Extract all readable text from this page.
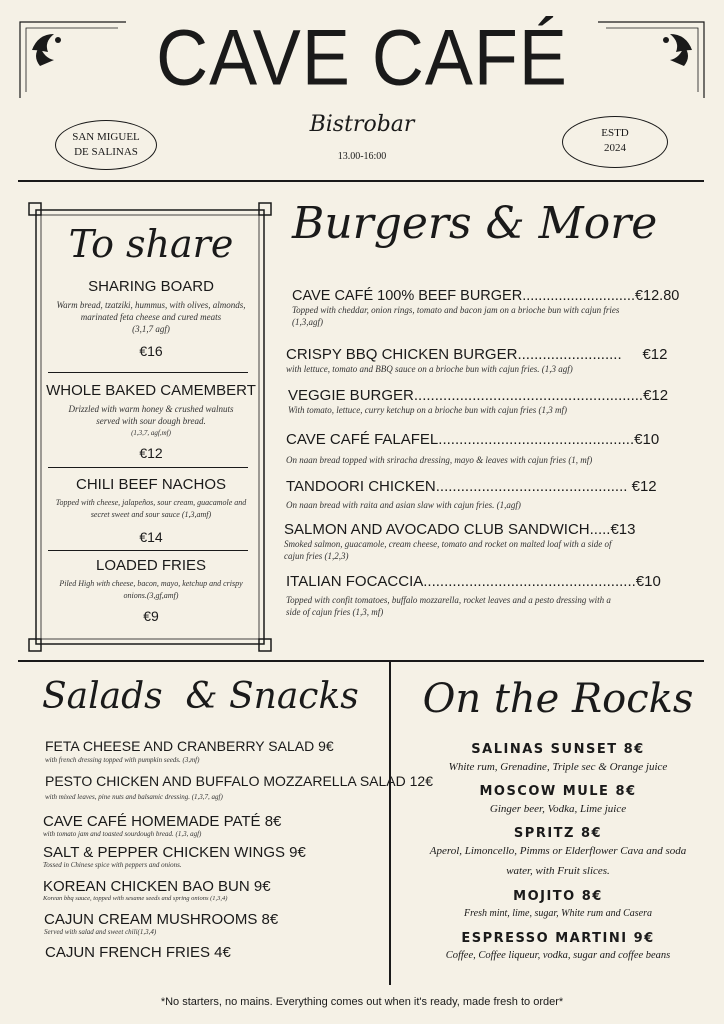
CAVE CAFÉ
Bistrobar
13.00-16:00
SAN MIGUEL
DE SALINAS
ESTD
2024
To share
SHARING BOARD
Warm bread, tzatziki, hummus, with olives, almonds, marinated feta cheese and cured meats
(3,1,7 agf)
€16
WHOLE BAKED CAMEMBERT
Drizzled with warm honey & crushed walnuts served with sour dough bread.
(1,3,7, agf,mf)
€12
CHILI BEEF NACHOS
Topped with cheese, jalapeños, sour cream, guacamole and secret sweet and sour sauce (1,3,amf)
€14
LOADED FRIES
Piled High with cheese, bacon, mayo, ketchup and crispy onions.(3,gf,amf)
€9
Burgers & More
CAVE CAFÉ 100% BEEF BURGER............................€12.80
Topped with cheddar, onion rings, tomato and bacon jam on a brioche bun with cajun fries (1,3,agf)
CRISPY BBQ CHICKEN BURGER.........................     €12
with lettuce, tomato and BBQ sauce on a brioche bun with cajun fries. (1,3 agf)
VEGGIE BURGER.......................................................€12
With tomato, lettuce, curry ketchup on a brioche bun with cajun fries (1,3 mf)
CAVE CAFÉ FALAFEL...............................................€10
On naan bread topped with sriracha dressing, mayo & leaves with cajun fries (1, mf)
TANDOORI CHICKEN.............................................. €12
On naan bread with raita and asian slaw with cajun fries. (1,agf)
SALMON AND AVOCADO CLUB SANDWICH.....€13
Smoked salmon, guacamole, cream cheese, tomato and rocket on malted loaf with a side of cajun fries (1,2,3)
ITALIAN FOCACCIA...................................................€10
Topped with confit tomatoes, buffalo mozzarella, rocket leaves and a pesto dressing with a side of cajun fries (1,3, mf)
Salads  & Snacks
FETA CHEESE AND CRANBERRY SALAD 9€
with french dressing topped with pumpkin seeds. (3,mf)
PESTO CHICKEN AND BUFFALO MOZZARELLA SALAD 12€
with mixed leaves, pine nuts and balsamic dressing. (1,3,7, agf)
CAVE CAFÉ HOMEMADE PATÉ 8€
with tomato jam and toasted sourdough bread. (1,3, agf)
SALT & PEPPER CHICKEN WINGS 9€
Tossed in Chinese spice with peppers and onions.
KOREAN CHICKEN BAO BUN 9€
Korean bbq sauce, topped with sesame seeds and spring onions (1,3,4)
CAJUN CREAM MUSHROOMS 8€
Served with salad and sweet chili(1,3,4)
CAJUN FRENCH FRIES 4€
On the Rocks
SALINAS SUNSET 8€
White rum, Grenadine, Triple sec & Orange juice
MOSCOW MULE 8€
Ginger beer, Vodka, Lime juice
SPRITZ 8€
Aperol, Limoncello, Pimms or Elderflower Cava and soda
water, with Fruit slices.
MOJITO 8€
Fresh mint, lime, sugar, White rum and Casera
ESPRESSO MARTINI 9€
Coffee, Coffee liqueur, vodka, sugar and coffee beans
*No starters, no mains. Everything comes out when it's ready, made fresh to order*
